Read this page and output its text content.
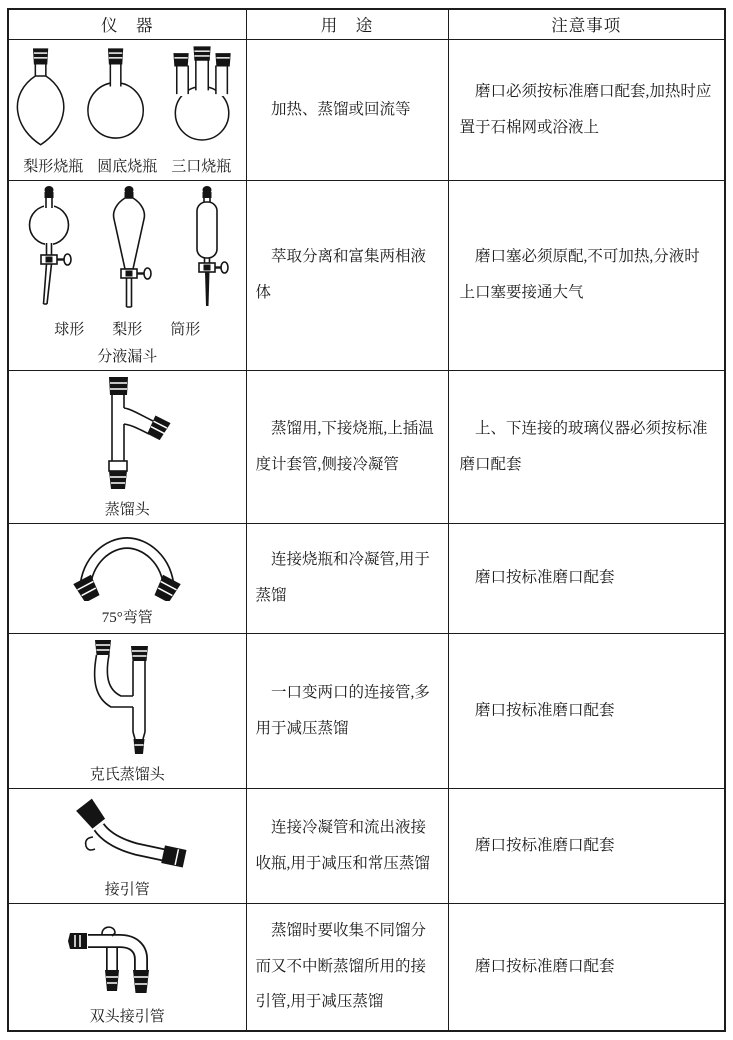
仪　器	用　途	注意事项

梨形烧瓶 圆底烧瓶 三口烧瓶	加热、蒸馏或回流等	磨口必须按标准磨口配套,加热时应置于石棉网或浴液上

球形 梨形 筒形
分液漏斗	萃取分离和富集两相液体	磨口塞必须原配,不可加热,分液时上口塞要接通大气

蒸馏头	蒸馏用,下接烧瓶,上插温度计套管,侧接冷凝管	上、下连接的玻璃仪器必须按标准磨口配套

75°弯管	连接烧瓶和冷凝管,用于蒸馏	磨口按标准磨口配套

克氏蒸馏头	一口变两口的连接管,多用于减压蒸馏	磨口按标准磨口配套

接引管	连接冷凝管和流出液接收瓶,用于减压和常压蒸馏	磨口按标准磨口配套

双头接引管	蒸馏时要收集不同馏分而又不中断蒸馏所用的接引管,用于减压蒸馏	磨口按标准磨口配套
